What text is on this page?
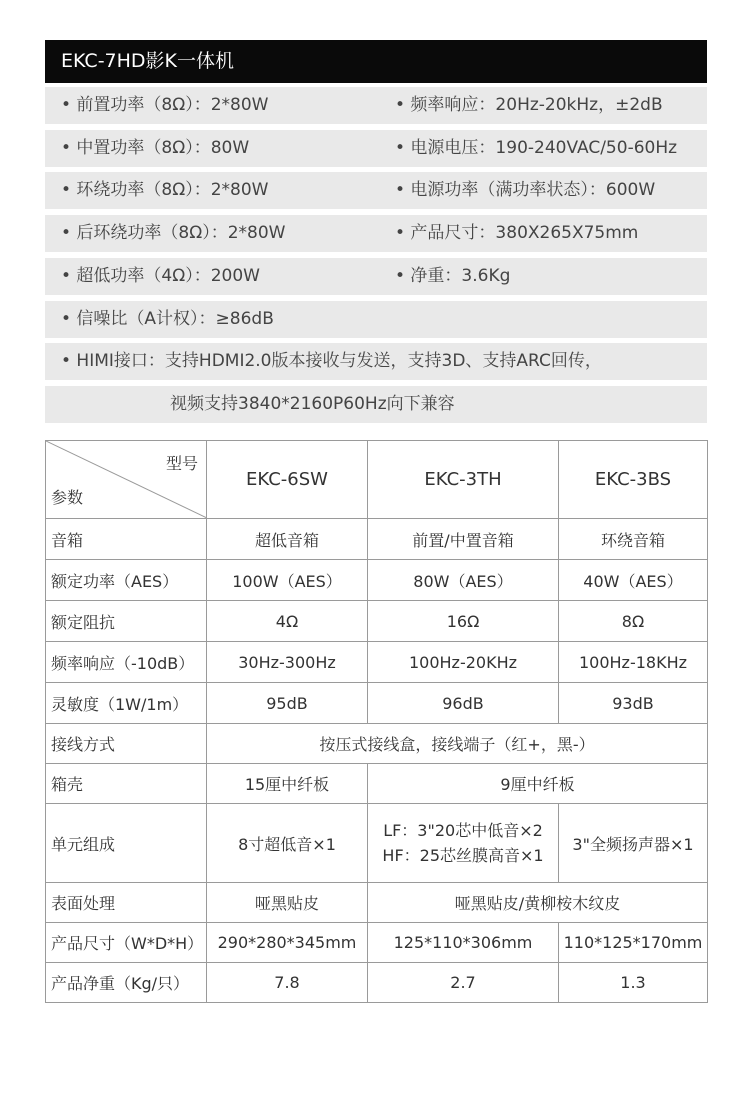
EKC-7HD影K一体机
• 前置功率（8Ω）：2*80W	• 频率响应：20Hz-20kHz，±2dB
• 中置功率（8Ω）：80W	• 电源电压：190-240VAC/50-60Hz
• 环绕功率（8Ω）：2*80W	• 电源功率（满功率状态）：600W
• 后环绕功率（8Ω）：2*80W	• 产品尺寸：380X265X75mm
• 超低功率（4Ω）：200W	• 净重：3.6Kg
• 信噪比（A计权）：≥86dB
• HIMI接口：支持HDMI2.0版本接收与发送，支持3D、支持ARC回传，
视频支持3840*2160P60Hz向下兼容
型号
参数	EKC-6SW	EKC-3TH	EKC-3BS
音箱	超低音箱	前置/中置音箱	环绕音箱
额定功率（AES）	100W（AES）	80W（AES）	40W（AES）
额定阻抗	4Ω	16Ω	8Ω
频率响应（-10dB）	30Hz-300Hz	100Hz-20KHz	100Hz-18KHz
灵敏度（1W/1m）	95dB	96dB	93dB
接线方式	按压式接线盒，接线端子（红+，黑-）		
箱壳	15厘中纤板	9厘中纤板	
单元组成	8寸超低音×1	LF：3"20芯中低音×2
HF：25芯丝膜高音×1	3"全频扬声器×1
表面处理	哑黑贴皮	哑黑贴皮/黄柳桉木纹皮	
产品尺寸（W*D*H）	290*280*345mm	125*110*306mm	110*125*170mm
产品净重（Kg/只）	7.8	2.7	1.3
